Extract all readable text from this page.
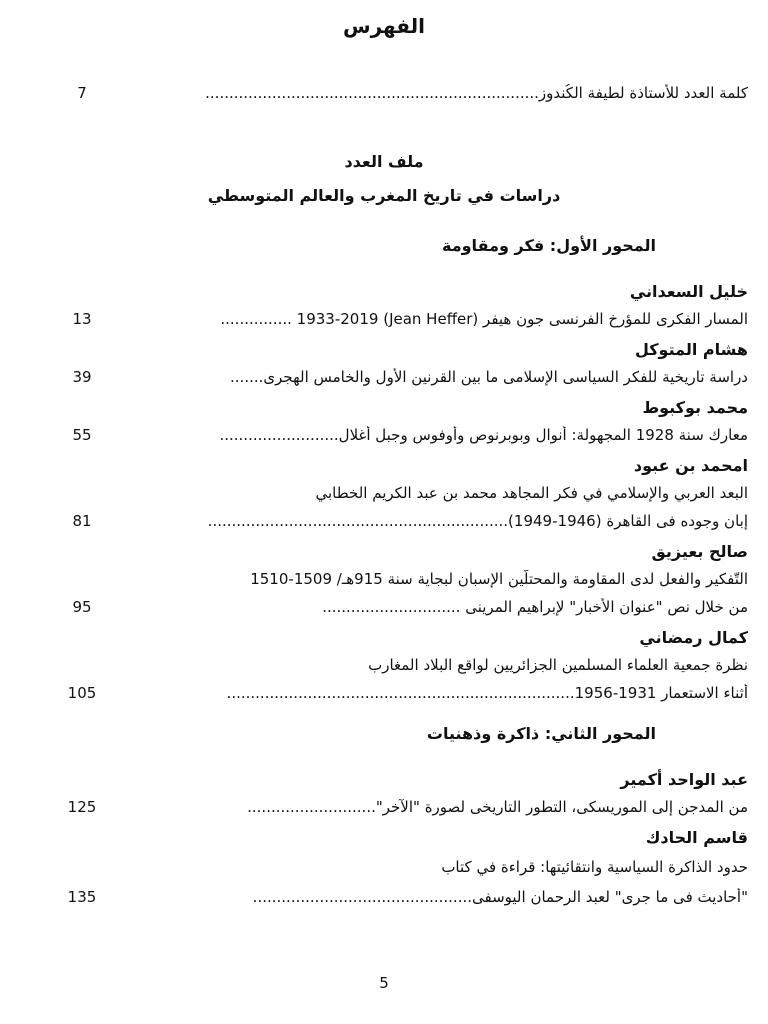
الفهرس
كلمة العدد للأستاذة لطيفة الكُندوز......................................................................
7
ملف العدد
دراسات في تاريخ المغرب والعالم المتوسطي
المحور الأول: فكر ومقاومة
خليل السعداني
المسار الفكرى للمؤرخ الفرنسى جون هيفر (Jean Heffer) 1933-2019 ...............
13
هشام المتوكل
دراسة تاريخية للفكر السياسى الإسلامى ما بين القرنين الأول والخامس الهجرى.......
39
محمد بوكبوط
معارك سنة 1928 المجهولة: أنوال وبوبرنوص وأوفوس وجبل أغلال.........................
55
امحمد بن عبود
البعد العربي والإسلامي في فكر المجاهد محمد بن عبد الكريم الخطابي
إبان وجوده فى القاهرة (1946-1949)...............................................................
81
صالح بعيزيق
التّفكير والفعل لدى المقاومة والمحتلّين الإسبان لبجاية سنة 915هـ/ 1509-1510
من خلال نص "عنوان الأخبار" لإبراهيم المرينى .............................
95
كمال رمضاني
نظرة جمعية العلماء المسلمين الجزائريين لواقع البلاد المغارب
أثناء الاستعمار 1931-1956.........................................................................
105
المحور الثاني: ذاكرة وذهنيات
عبد الواحد أكمير
من المدجن إلى الموريسكى، التطور التاريخى لصورة "الآخر"...........................
125
قاسم الحادك
حدود الذاكرة السياسية وانتقائيتها: قراءة في كتاب
"أحاديث فى ما جرى" لعبد الرحمان اليوسفى..............................................
135
5
